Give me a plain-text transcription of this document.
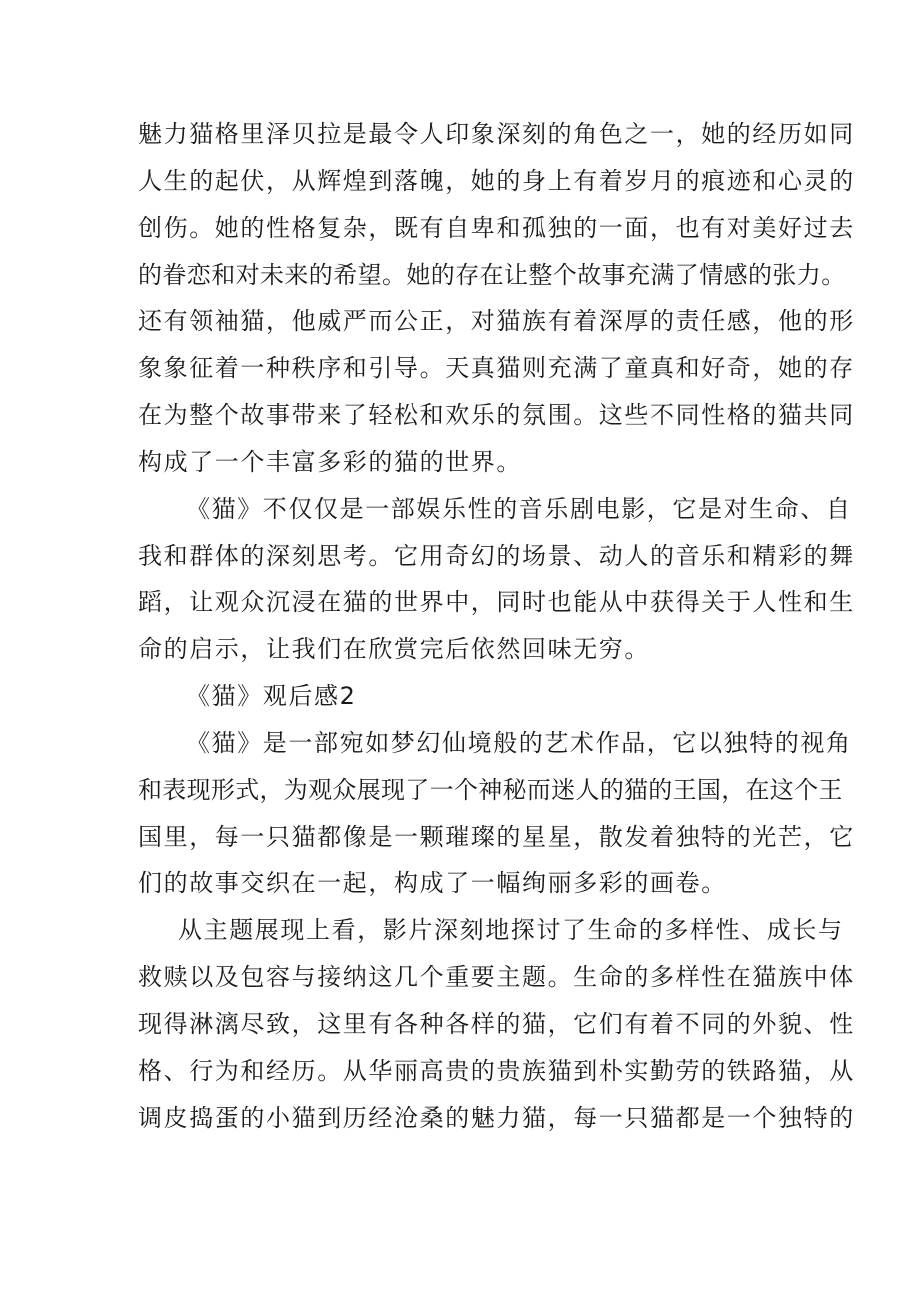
魅力猫格里泽贝拉是最令人印象深刻的角色之一，她的经历如同

人生的起伏，从辉煌到落魄，她的身上有着岁月的痕迹和心灵的

创伤。她的性格复杂，既有自卑和孤独的一面，也有对美好过去

的眷恋和对未来的希望。她的存在让整个故事充满了情感的张力。

还有领袖猫，他威严而公正，对猫族有着深厚的责任感，他的形

象象征着一种秩序和引导。天真猫则充满了童真和好奇，她的存

在为整个故事带来了轻松和欢乐的氛围。这些不同性格的猫共同

构成了一个丰富多彩的猫的世界。

《猫》不仅仅是一部娱乐性的音乐剧电影，它是对生命、自

我和群体的深刻思考。它用奇幻的场景、动人的音乐和精彩的舞

蹈，让观众沉浸在猫的世界中，同时也能从中获得关于人性和生

命的启示，让我们在欣赏完后依然回味无穷。

《猫》观后感2

《猫》是一部宛如梦幻仙境般的艺术作品，它以独特的视角

和表现形式，为观众展现了一个神秘而迷人的猫的王国，在这个王

国里，每一只猫都像是一颗璀璨的星星，散发着独特的光芒，它

们的故事交织在一起，构成了一幅绚丽多彩的画卷。

从主题展现上看，影片深刻地探讨了生命的多样性、成长与

救赎以及包容与接纳这几个重要主题。生命的多样性在猫族中体

现得淋漓尽致，这里有各种各样的猫，它们有着不同的外貌、性

格、行为和经历。从华丽高贵的贵族猫到朴实勤劳的铁路猫，从

调皮捣蛋的小猫到历经沧桑的魅力猫，每一只猫都是一个独特的
